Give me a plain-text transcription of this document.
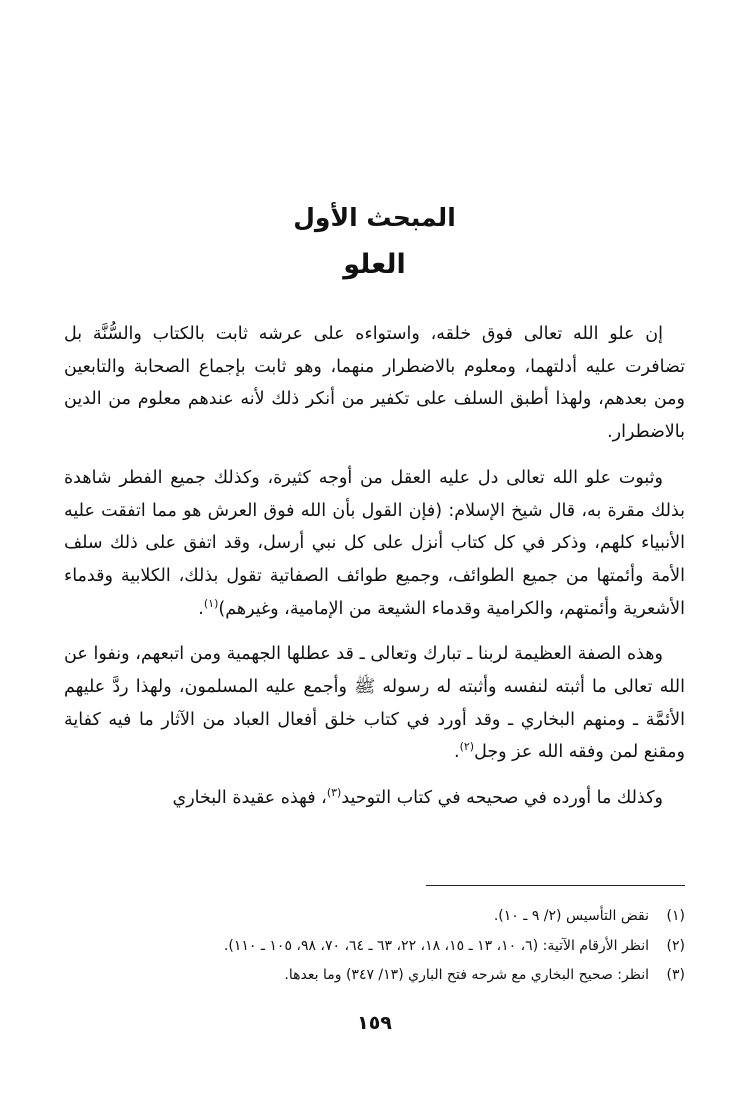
المبحث الأول
العلو

إن علو الله تعالى فوق خلقه، واستواءه على عرشه ثابت بالكتاب والسُّنَّة بل تضافرت عليه أدلتهما، ومعلوم بالاضطرار منهما، وهو ثابت بإجماع الصحابة والتابعين ومن بعدهم، ولهذا أطبق السلف على تكفير من أنكر ذلك لأنه عندهم معلوم من الدين بالاضطرار.

وثبوت علو الله تعالى دل عليه العقل من أوجه كثيرة، وكذلك جميع الفطر شاهدة بذلك مقرة به، قال شيخ الإسلام: (فإن القول بأن الله فوق العرش هو مما اتفقت عليه الأنبياء كلهم، وذكر في كل كتاب أنزل على كل نبي أرسل، وقد اتفق على ذلك سلف الأمة وأئمتها من جميع الطوائف، وجميع طوائف الصفاتية تقول بذلك، الكلابية وقدماء الأشعرية وأئمتهم، والكرامية وقدماء الشيعة من الإمامية، وغيرهم)$^{(١)}$.

وهذه الصفة العظيمة لربنا ـ تبارك وتعالى ـ قد عطلها الجهمية ومن اتبعهم، ونفوا عن الله تعالى ما أثبته لنفسه وأثبته له رسوله ﷺ وأجمع عليه المسلمون، ولهذا ردَّ عليهم الأئمَّة ـ ومنهم البخاري ـ وقد أورد في كتاب خلق أفعال العباد من الآثار ما فيه كفاية ومقنع لمن وفقه الله عز وجل$^{(٢)}$.

وكذلك ما أورده في صحيحه في كتاب التوحيد$^{(٣)}$، فهذه عقيدة البخاري

(١)
نقض التأسيس (٢/ ٩ ـ ١٠).
(٢)
انظر الأرقام الآتية: (٦، ١٠، ١٣ ـ ١٥، ١٨، ٢٢، ٦٣ ـ ٦٤، ٧٠، ٩٨، ١٠٥ ـ ١١٠).
(٣)
انظر: صحيح البخاري مع شرحه فتح الباري (١٣/ ٣٤٧) وما بعدها.
١٥٩
